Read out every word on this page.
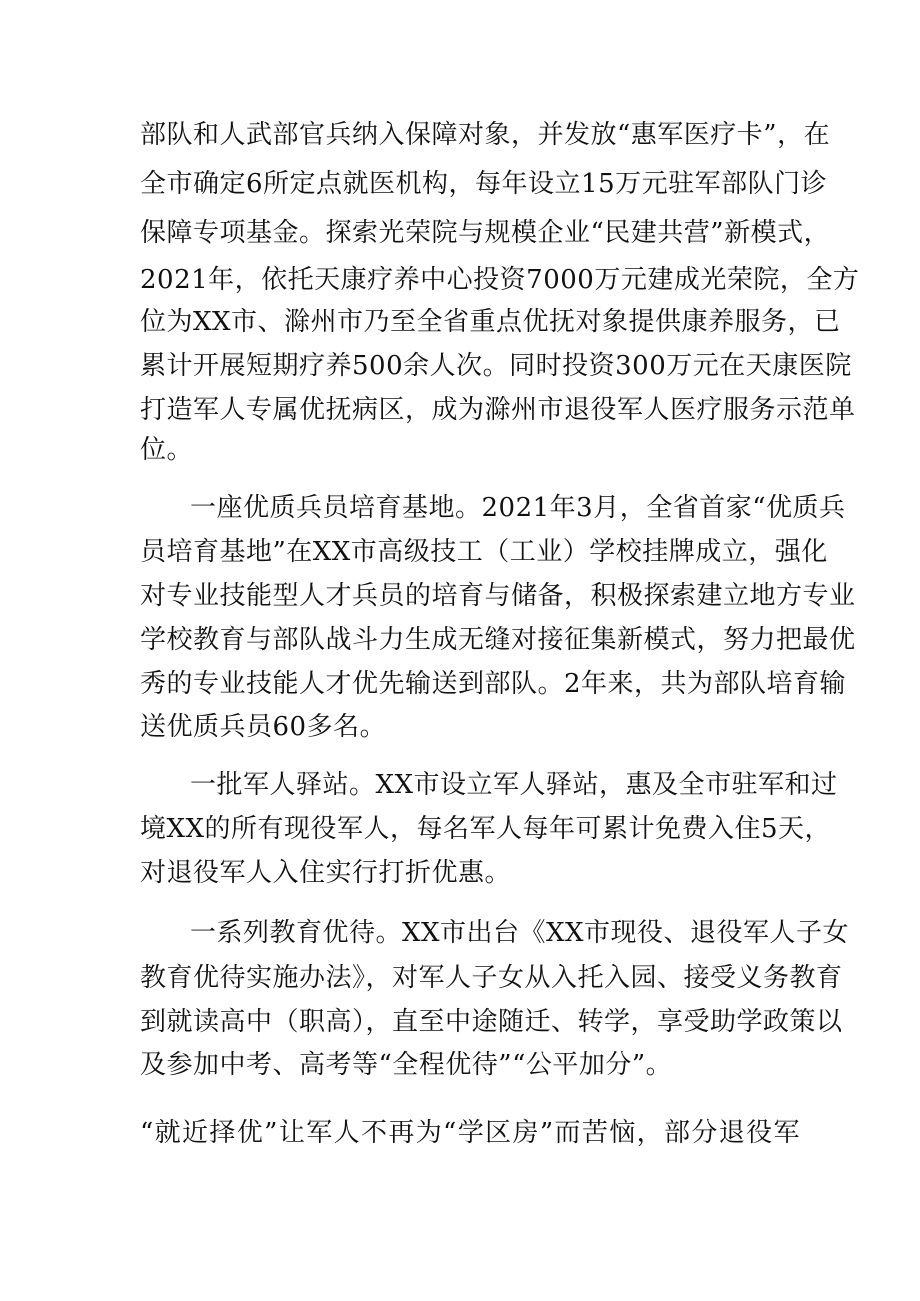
部队和人武部官兵纳入保障对象，并发放“惠军医疗卡”，在
全市确定6所定点就医机构，每年设立15万元驻军部队门诊
保障专项基金。探索光荣院与规模企业“民建共营”新模式，
2021年，依托天康疗养中心投资7000万元建成光荣院，全方
位为XX市、滁州市乃至全省重点优抚对象提供康养服务，已
累计开展短期疗养500余人次。同时投资300万元在天康医院
打造军人专属优抚病区，成为滁州市退役军人医疗服务示范单
位。
一座优质兵员培育基地。2021年3月，全省首家“优质兵
员培育基地”在XX市高级技工（工业）学校挂牌成立，强化
对专业技能型人才兵员的培育与储备，积极探索建立地方专业
学校教育与部队战斗力生成无缝对接征集新模式，努力把最优
秀的专业技能人才优先输送到部队。2年来，共为部队培育输
送优质兵员60多名。
一批军人驿站。XX市设立军人驿站，惠及全市驻军和过
境XX的所有现役军人，每名军人每年可累计免费入住5天，
对退役军人入住实行打折优惠。
一系列教育优待。XX市出台《XX市现役、退役军人子女
教育优待实施办法》，对军人子女从入托入园、接受义务教育
到就读高中（职高），直至中途随迁、转学，享受助学政策以
及参加中考、高考等“全程优待”“公平加分”。
“就近择优”让军人不再为“学区房”而苦恼，部分退役军
